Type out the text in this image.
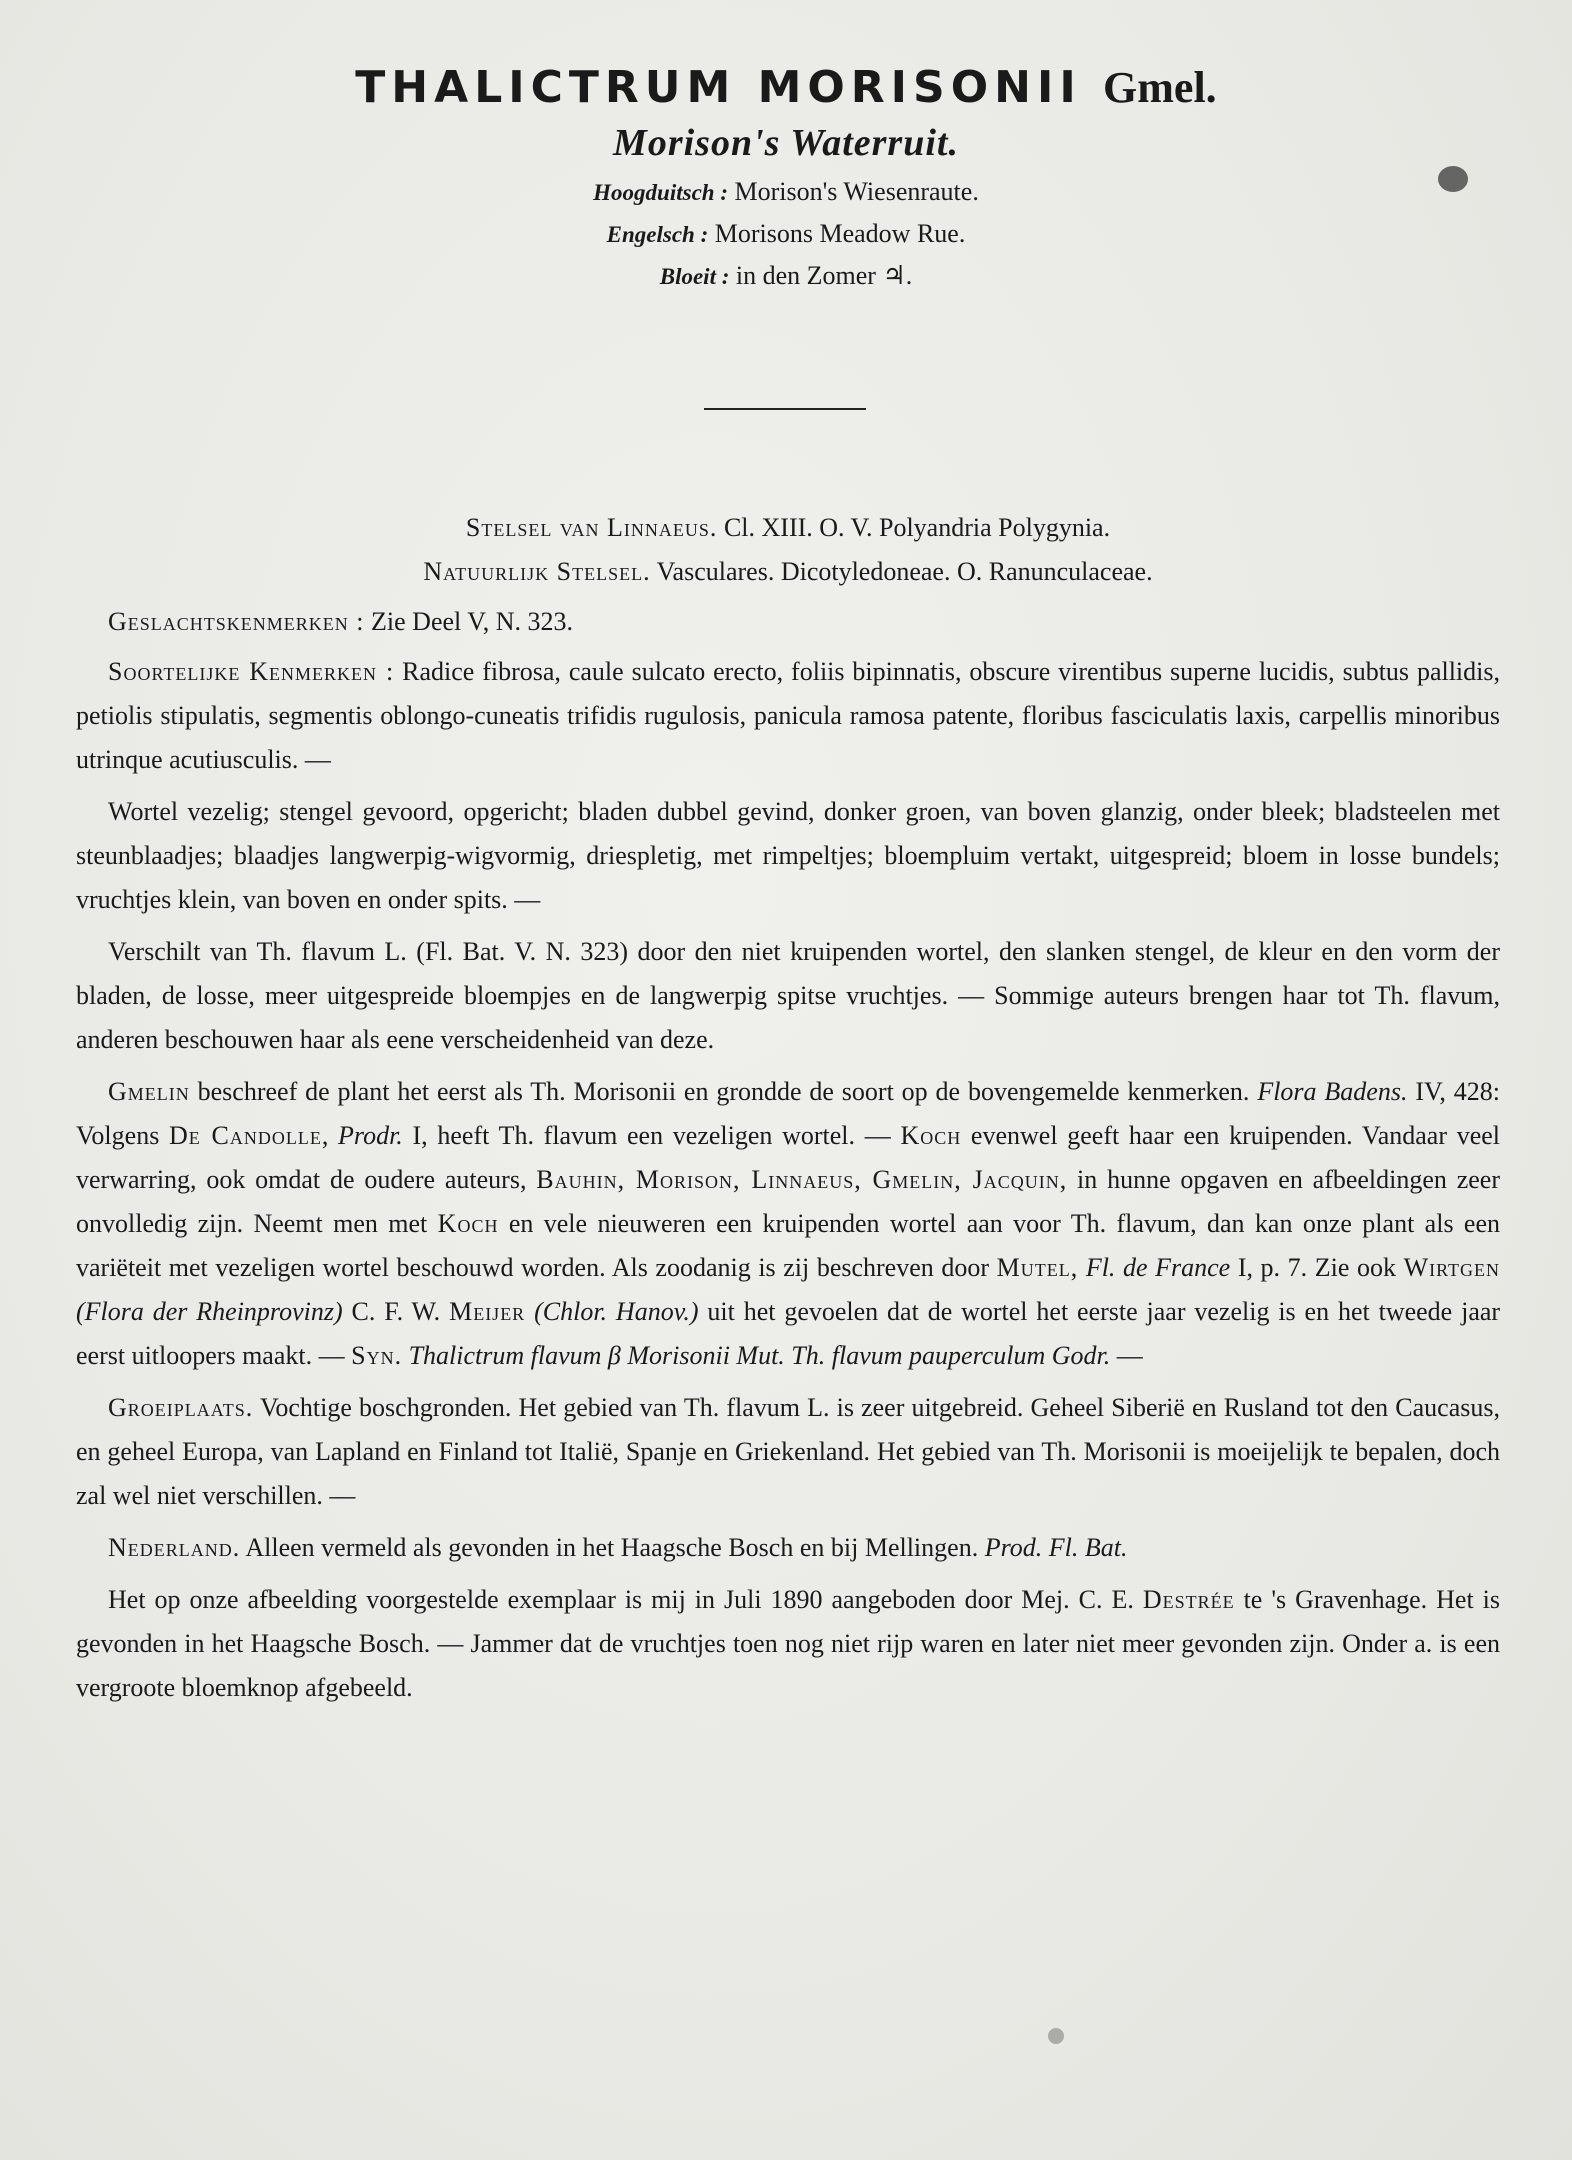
THALICTRUM MORISONII Gmel.
Morison's Waterruit.
Hoogduitsch : Morison's Wiesenraute.
Engelsch : Morisons Meadow Rue.
Bloeit : in den Zomer ♃.
Stelsel van Linnaeus. Cl. XIII. O. V. Polyandria Polygynia.
Natuurlijk Stelsel. Vasculares. Dicotyledoneae. O. Ranunculaceae.
Geslachtskenmerken : Zie Deel V, N. 323.

Soortelijke Kenmerken : Radice fibrosa, caule sulcato erecto, foliis bipinnatis, obscure virentibus superne lucidis, subtus pallidis, petiolis stipulatis, segmentis oblongo-cuneatis trifidis rugulosis, panicula ramosa patente, floribus fasciculatis laxis, carpellis minoribus utrinque acutiusculis. —

Wortel vezelig; stengel gevoord, opgericht; bladen dubbel gevind, donker groen, van boven glanzig, onder bleek; bladsteelen met steunblaadjes; blaadjes langwerpig-wigvormig, driespletig, met rimpeltjes; bloempluim vertakt, uitgespreid; bloem in losse bundels; vruchtjes klein, van boven en onder spits. —

Verschilt van Th. flavum L. (Fl. Bat. V. N. 323) door den niet kruipenden wortel, den slanken stengel, de kleur en den vorm der bladen, de losse, meer uitgespreide bloempjes en de langwerpig spitse vruchtjes. — Sommige auteurs brengen haar tot Th. flavum, anderen beschouwen haar als eene verscheidenheid van deze.

Gmelin beschreef de plant het eerst als Th. Morisonii en grondde de soort op de bovengemelde kenmerken. Flora Badens. IV, 428: Volgens De Candolle, Prodr. I, heeft Th. flavum een vezeligen wortel. — Koch evenwel geeft haar een kruipenden. Vandaar veel verwarring, ook omdat de oudere auteurs, Bauhin, Morison, Linnaeus, Gmelin, Jacquin, in hunne opgaven en afbeeldingen zeer onvolledig zijn. Neemt men met Koch en vele nieuweren een kruipenden wortel aan voor Th. flavum, dan kan onze plant als een variëteit met vezeligen wortel beschouwd worden. Als zoodanig is zij beschreven door Mutel, Fl. de France I, p. 7. Zie ook Wirtgen (Flora der Rheinprovinz) C. F. W. Meijer (Chlor. Hanov.) uit het gevoelen dat de wortel het eerste jaar vezelig is en het tweede jaar eerst uitloopers maakt. — Syn. Thalictrum flavum β Morisonii Mut. Th. flavum pauperculum Godr. —

Groeiplaats. Vochtige boschgronden. Het gebied van Th. flavum L. is zeer uitgebreid. Geheel Siberië en Rusland tot den Caucasus, en geheel Europa, van Lapland en Finland tot Italië, Spanje en Griekenland. Het gebied van Th. Morisonii is moeijelijk te bepalen, doch zal wel niet verschillen. —

Nederland. Alleen vermeld als gevonden in het Haagsche Bosch en bij Mellingen. Prod. Fl. Bat.

Het op onze afbeelding voorgestelde exemplaar is mij in Juli 1890 aangeboden door Mej. C. E. Destrée te 's Gravenhage. Het is gevonden in het Haagsche Bosch. — Jammer dat de vruchtjes toen nog niet rijp waren en later niet meer gevonden zijn. Onder a. is een vergroote bloemknop afgebeeld.
